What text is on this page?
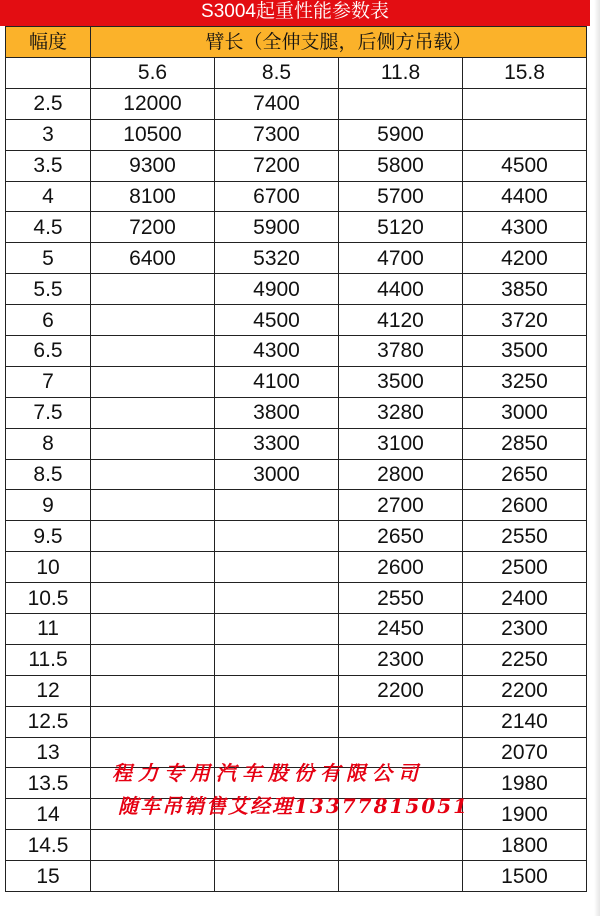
S3004起重性能参数表
幅度	臂长（全伸支腿，后侧方吊载）			
	5.6	8.5	11.8	15.8
2.5	12000	7400		
3	10500	7300	5900	
3.5	9300	7200	5800	4500
4	8100	6700	5700	4400
4.5	7200	5900	5120	4300
5	6400	5320	4700	4200
5.5		4900	4400	3850
6		4500	4120	3720
6.5		4300	3780	3500
7		4100	3500	3250
7.5		3800	3280	3000
8		3300	3100	2850
8.5		3000	2800	2650
9			2700	2600
9.5			2650	2550
10			2600	2500
10.5			2550	2400
11			2450	2300
11.5			2300	2250
12			2200	2200
12.5				2140
13				2070
13.5				1980
14				1900
14.5				1800
15				1500
程力专用汽车股份有限公司
随车吊销售艾经理13377815051
